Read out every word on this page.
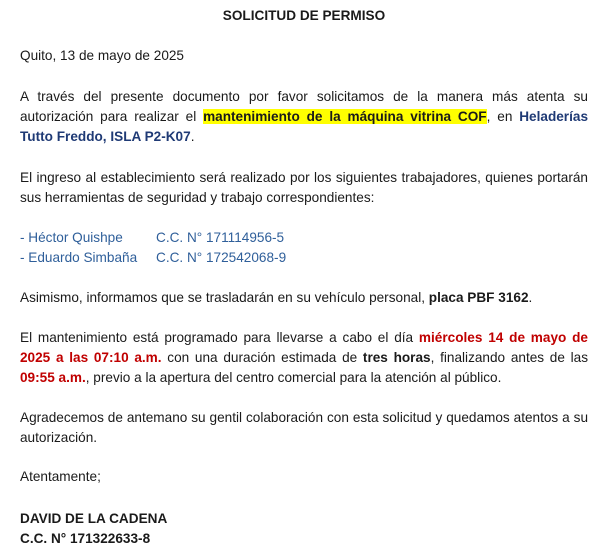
SOLICITUD DE PERMISO

Quito, 13 de mayo de 2025

A través del presente documento por favor solicitamos de la manera más atenta su autorización para realizar el mantenimiento de la máquina vitrina COF, en Heladerías Tutto Freddo, ISLA P2-K07.

El ingreso al establecimiento será realizado por los siguientes trabajadores, quienes portarán sus herramientas de seguridad y trabajo correspondientes:

- Héctor Quishpe C.C. N° 171114956-5
- Eduardo Simbaña C.C. N° 172542068-9

Asimismo, informamos que se trasladarán en su vehículo personal, placa PBF 3162.

El mantenimiento está programado para llevarse a cabo el día miércoles 14 de mayo de 2025 a las 07:10 a.m. con una duración estimada de tres horas, finalizando antes de las 09:55 a.m., previo a la apertura del centro comercial para la atención al público.

Agradecemos de antemano su gentil colaboración con esta solicitud y quedamos atentos a su autorización.

Atentamente;

DAVID DE LA CADENA
C.C. N° 171322633-8
